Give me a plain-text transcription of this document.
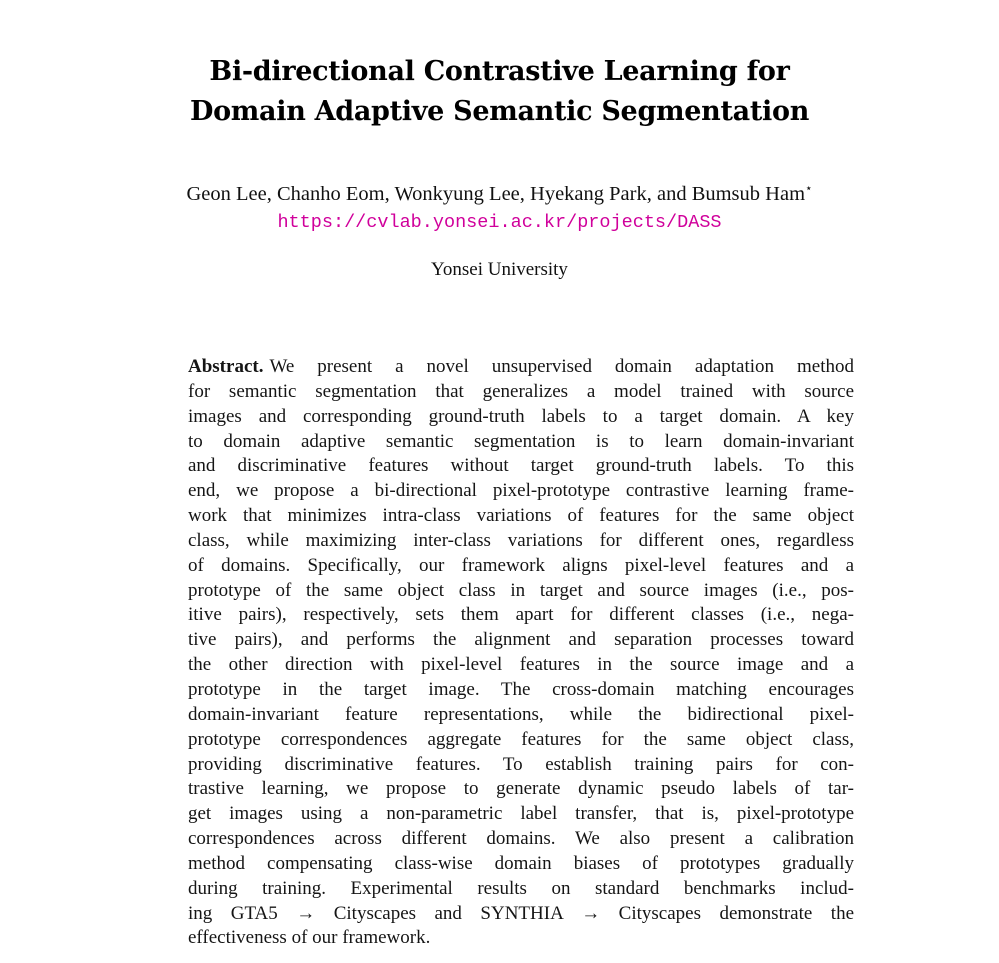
Bi-directional Contrastive Learning for
Domain Adaptive Semantic Segmentation
Geon Lee, Chanho Eom, Wonkyung Lee, Hyekang Park, and Bumsub Ham⋆
https://cvlab.yonsei.ac.kr/projects/DASS
Yonsei University
Abstract. We present a novel unsupervised domain adaptation method
for semantic segmentation that generalizes a model trained with source
images and corresponding ground-truth labels to a target domain. A key
to domain adaptive semantic segmentation is to learn domain-invariant
and discriminative features without target ground-truth labels. To this
end, we propose a bi-directional pixel-prototype contrastive learning frame-
work that minimizes intra-class variations of features for the same object
class, while maximizing inter-class variations for different ones, regardless
of domains. Specifically, our framework aligns pixel-level features and a
prototype of the same object class in target and source images (i.e., pos-
itive pairs), respectively, sets them apart for different classes (i.e., nega-
tive pairs), and performs the alignment and separation processes toward
the other direction with pixel-level features in the source image and a
prototype in the target image. The cross-domain matching encourages
domain-invariant feature representations, while the bidirectional pixel-
prototype correspondences aggregate features for the same object class,
providing discriminative features. To establish training pairs for con-
trastive learning, we propose to generate dynamic pseudo labels of tar-
get images using a non-parametric label transfer, that is, pixel-prototype
correspondences across different domains. We also present a calibration
method compensating class-wise domain biases of prototypes gradually
during training. Experimental results on standard benchmarks includ-
ing GTA5 → Cityscapes and SYNTHIA → Cityscapes demonstrate the
effectiveness of our framework.
